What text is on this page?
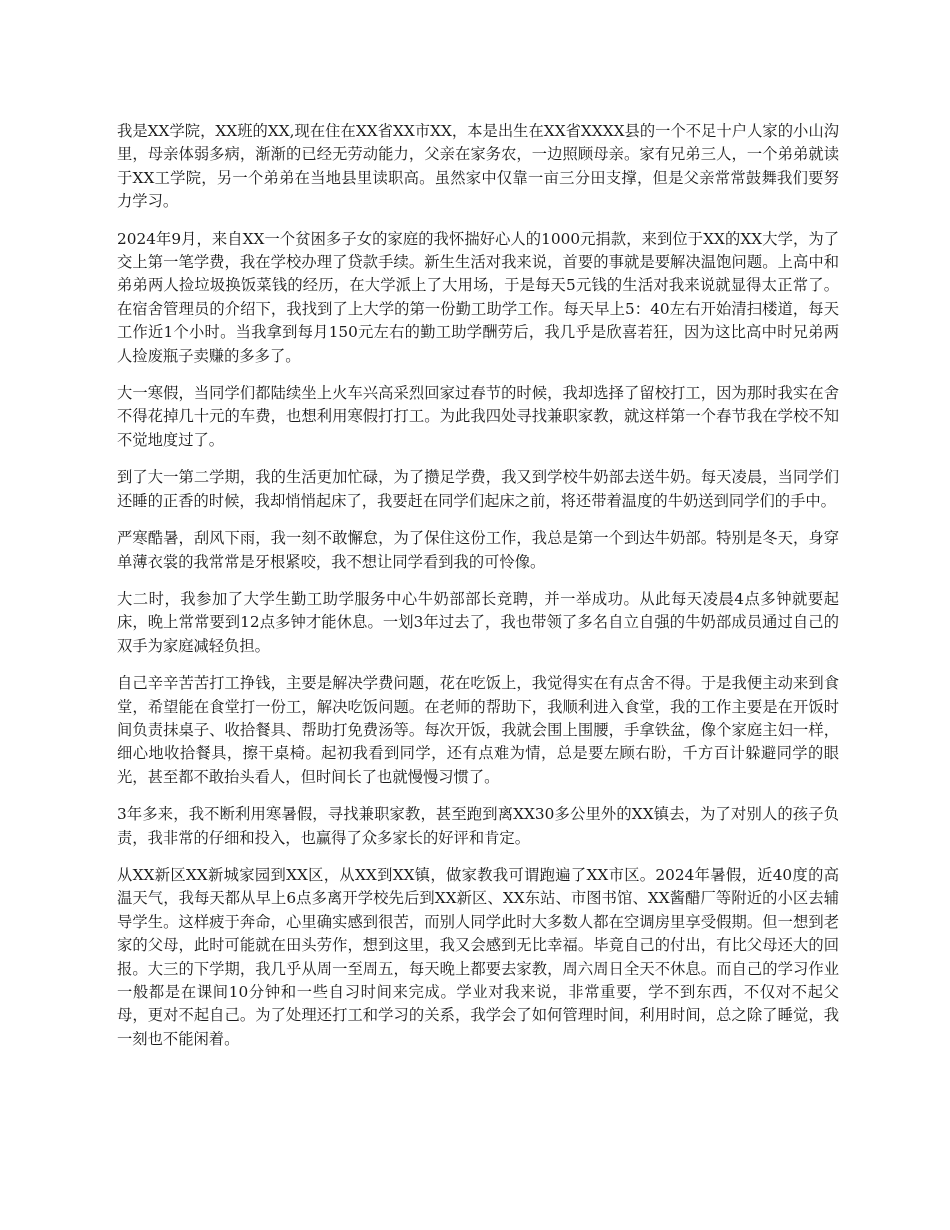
我是XX学院，XX班的XX,现在住在XX省XX市XX，本是出生在XX省XXXX县的一个不足十户人家的小山沟里，母亲体弱多病，渐渐的已经无劳动能力，父亲在家务农，一边照顾母亲。家有兄弟三人，一个弟弟就读于XX工学院，另一个弟弟在当地县里读职高。虽然家中仅靠一亩三分田支撑，但是父亲常常鼓舞我们要努力学习。

2024年9月，来自XX一个贫困多子女的家庭的我怀揣好心人的1000元捐款，来到位于XX的XX大学，为了交上第一笔学费，我在学校办理了贷款手续。新生生活对我来说，首要的事就是要解决温饱问题。上高中和弟弟两人捡垃圾换饭菜钱的经历，在大学派上了大用场，于是每天5元钱的生活对我来说就显得太正常了。在宿舍管理员的介绍下，我找到了上大学的第一份勤工助学工作。每天早上5：40左右开始清扫楼道，每天工作近1个小时。当我拿到每月150元左右的勤工助学酬劳后，我几乎是欣喜若狂，因为这比高中时兄弟两人捡废瓶子卖赚的多多了。

大一寒假，当同学们都陆续坐上火车兴高采烈回家过春节的时候，我却选择了留校打工，因为那时我实在舍不得花掉几十元的车费，也想利用寒假打打工。为此我四处寻找兼职家教，就这样第一个春节我在学校不知不觉地度过了。

到了大一第二学期，我的生活更加忙碌，为了攒足学费，我又到学校牛奶部去送牛奶。每天凌晨，当同学们还睡的正香的时候，我却悄悄起床了，我要赶在同学们起床之前，将还带着温度的牛奶送到同学们的手中。

严寒酷暑，刮风下雨，我一刻不敢懈怠，为了保住这份工作，我总是第一个到达牛奶部。特别是冬天，身穿单薄衣裳的我常常是牙根紧咬，我不想让同学看到我的可怜像。

大二时，我参加了大学生勤工助学服务中心牛奶部部长竞聘，并一举成功。从此每天凌晨4点多钟就要起床，晚上常常要到12点多钟才能休息。一划3年过去了，我也带领了多名自立自强的牛奶部成员通过自己的双手为家庭减轻负担。

自己辛辛苦苦打工挣钱，主要是解决学费问题，花在吃饭上，我觉得实在有点舍不得。于是我便主动来到食堂，希望能在食堂打一份工，解决吃饭问题。在老师的帮助下，我顺利进入食堂，我的工作主要是在开饭时间负责抹桌子、收拾餐具、帮助打免费汤等。每次开饭，我就会围上围腰，手拿铁盆，像个家庭主妇一样，细心地收拾餐具，擦干桌椅。起初我看到同学，还有点难为情，总是要左顾右盼，千方百计躲避同学的眼光，甚至都不敢抬头看人，但时间长了也就慢慢习惯了。

3年多来，我不断利用寒暑假，寻找兼职家教，甚至跑到离XX30多公里外的XX镇去，为了对别人的孩子负责，我非常的仔细和投入，也赢得了众多家长的好评和肯定。

从XX新区XX新城家园到XX区，从XX到XX镇，做家教我可谓跑遍了XX市区。2024年暑假，近40度的高温天气，我每天都从早上6点多离开学校先后到XX新区、XX东站、市图书馆、XX酱醋厂等附近的小区去辅导学生。这样疲于奔命，心里确实感到很苦，而别人同学此时大多数人都在空调房里享受假期。但一想到老家的父母，此时可能就在田头劳作，想到这里，我又会感到无比幸福。毕竟自己的付出，有比父母还大的回报。大三的下学期，我几乎从周一至周五，每天晚上都要去家教，周六周日全天不休息。而自己的学习作业一般都是在课间10分钟和一些自习时间来完成。学业对我来说，非常重要，学不到东西，不仅对不起父母，更对不起自己。为了处理还打工和学习的关系，我学会了如何管理时间，利用时间，总之除了睡觉，我一刻也不能闲着。
